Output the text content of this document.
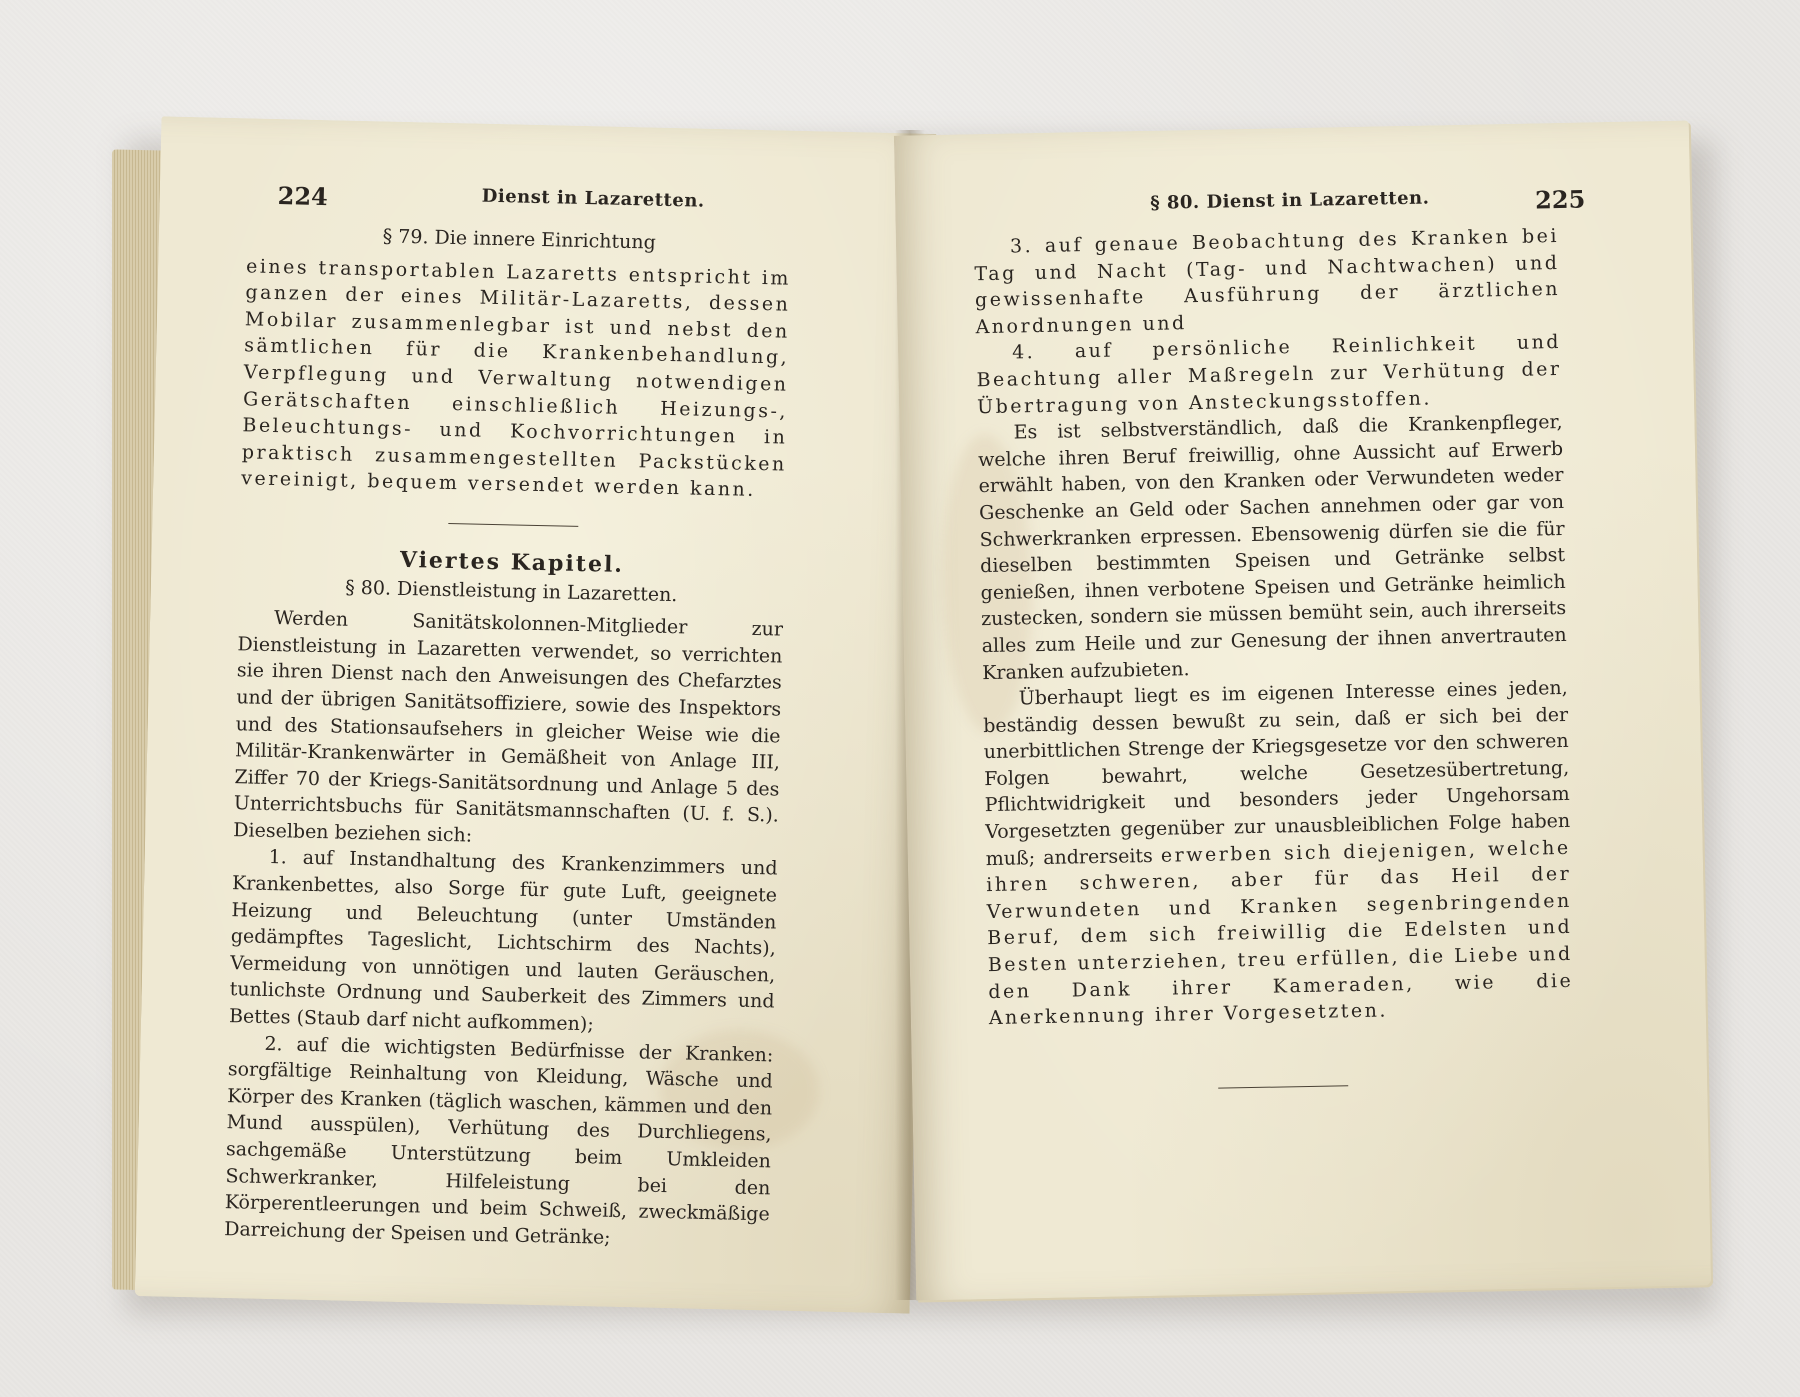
224	Dienst in Lazaretten.

§ 79. Die innere Einrichtung

eines transportablen Lazaretts entspricht im ganzen der eines Militär-Lazaretts, dessen Mobilar zusammenlegbar ist und nebst den sämtlichen für die Krankenbehandlung, Verpflegung und Verwaltung notwendigen Gerätschaften einschließlich Heizungs-, Beleuchtungs- und Kochvorrichtungen in praktisch zusammengestellten Packstücken vereinigt, bequem versendet werden kann.

Viertes Kapitel.

§ 80. Dienstleistung in Lazaretten.

Werden Sanitätskolonnen-Mitglieder zur Dienstleistung in Lazaretten verwendet, so verrichten sie ihren Dienst nach den Anweisungen des Chefarztes und der übrigen Sanitätsoffiziere, sowie des Inspektors und des Stationsaufsehers in gleicher Weise wie die Militär-Krankenwärter in Gemäßheit von Anlage III, Ziffer 70 der Kriegs-Sanitätsordnung und Anlage 5 des Unterrichtsbuchs für Sanitätsmannschaften (U. f. S.). Dieselben beziehen sich:

1. auf Instandhaltung des Krankenzimmers und Krankenbettes, also Sorge für gute Luft, geeignete Heizung und Beleuchtung (unter Umständen gedämpftes Tageslicht, Lichtschirm des Nachts), Vermeidung von unnötigen und lauten Geräuschen, tunlichste Ordnung und Sauberkeit des Zimmers und Bettes (Staub darf nicht aufkommen);

2. auf die wichtigsten Bedürfnisse der Kranken: sorgfältige Reinhaltung von Kleidung, Wäsche und Körper des Kranken (täglich waschen, kämmen und den Mund ausspülen), Verhütung des Durchliegens, sachgemäße Unterstützung beim Umkleiden Schwerkranker, Hilfeleistung bei den Körperentleerungen und beim Schweiß, zweckmäßige Darreichung der Speisen und Getränke;

§ 80. Dienst in Lazaretten.	225

3. auf genaue Beobachtung des Kranken bei Tag und Nacht (Tag- und Nachtwachen) und gewissenhafte Ausführung der ärztlichen Anordnungen und

4. auf persönliche Reinlichkeit und Beachtung aller Maßregeln zur Verhütung der Übertragung von Ansteckungsstoffen.

Es ist selbstverständlich, daß die Krankenpfleger, welche ihren Beruf freiwillig, ohne Aussicht auf Erwerb erwählt haben, von den Kranken oder Verwundeten weder Geschenke an Geld oder Sachen annehmen oder gar von Schwerkranken erpressen. Ebensowenig dürfen sie die für dieselben bestimmten Speisen und Getränke selbst genießen, ihnen verbotene Speisen und Getränke heimlich zustecken, sondern sie müssen bemüht sein, auch ihrerseits alles zum Heile und zur Genesung der ihnen anvertrauten Kranken aufzubieten.

Überhaupt liegt es im eigenen Interesse eines jeden, beständig dessen bewußt zu sein, daß er sich bei der unerbittlichen Strenge der Kriegsgesetze vor den schweren Folgen bewahrt, welche Gesetzesübertretung, Pflichtwidrigkeit und besonders jeder Ungehorsam Vorgesetzten gegenüber zur unausbleiblichen Folge haben muß; andrerseits erwerben sich diejenigen, welche ihren schweren, aber für das Heil der Verwundeten und Kranken segenbringenden Beruf, dem sich freiwillig die Edelsten und Besten unterziehen, treu erfüllen, die Liebe und den Dank ihrer Kameraden, wie die Anerkennung ihrer Vorgesetzten.
